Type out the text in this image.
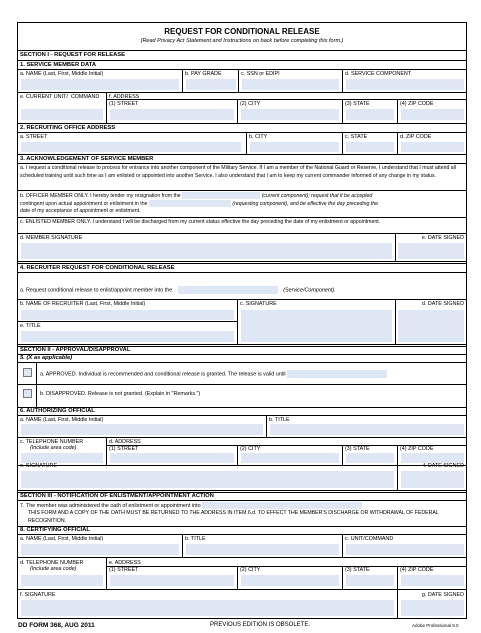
REQUEST FOR CONDITIONAL RELEASE
(Read Privacy Act Statement and Instructions on back before completing this form.)
SECTION I - REQUEST FOR RELEASE
1. SERVICE MEMBER DATA
a. NAME (Last, First, Middle Initial)	b. PAY GRADE	c. SSN or EDIPI	d. SERVICE COMPONENT
e. CURRENT UNIT/  COMMAND	f. ADDRESS
(1) STREET	(2) CITY	(3) STATE	(4) ZIP CODE
2. RECRUITING OFFICE ADDRESS
a. STREET	b. CITY	c. STATE	d. ZIP CODE
3. ACKNOWLEDGEMENT OF SERVICE MEMBER
a. I request a conditional release to process for entrance into another component of the Military Service. If I am a member of the National Guard or Reserve, I understand that I must attend all scheduled training until such time as I am enlisted or appointed into another Service. I also understand that I am to keep my current commander informed of any change in my status.
b. OFFICER MEMBER ONLY. I hereby tender my resignation from the	(current component); request that it be accepted
contingent upon actual appointment or enlistment in the	(requesting component), and be effective the day preceding the
date of my acceptance of appointment or enlistment.
c. ENLISTED MEMBER ONLY. I understand I will be discharged from my current status effective the day preceding the date of my enlistment or appointment.
d. MEMBER SIGNATURE	e. DATE SIGNED
4. RECRUITER REQUEST FOR CONDITIONAL RELEASE
a. Request conditional release to enlist/appoint member into the	(Service/Component).
b. NAME OF RECRUITER (Last, First, Middle Initial)	c. SIGNATURE	d. DATE SIGNED
e. TITLE
SECTION II - APPROVAL/DISAPPROVAL
5. (X as applicable)
a. APPROVED. Individual is recommended and conditional release is granted. The release is valid until
b. DISAPPROVED. Release is not granted. (Explain in "Remarks.")
6. AUTHORIZING OFFICIAL
a. NAME (Last, First, Middle Initial)	b. TITLE
c. TELEPHONE NUMBER
(Include area code)
d. ADDRESS
(1) STREET	(2) CITY	(3) STATE	(4) ZIP CODE
e. SIGNATURE	f. DATE SIGNED
SECTION III - NOTIFICATION OF ENLISTMENT/APPOINTMENT ACTION
7. The member was administered the oath of enlistment or appointment into
THIS FORM AND A COPY OF THE OATH MUST BE RETURNED TO THE ADDRESS IN ITEM 6.d. TO EFFECT THE MEMBER'S DISCHARGE OR WITHDRAWAL OF FEDERAL RECOGNITION.
8. CERTIFYING OFFICIAL
a. NAME (Last, First, Middle Initial)	b. TITLE	c. UNIT/COMMAND
d. TELEPHONE NUMBER
(Include area code)
e. ADDRESS
(1) STREET	(2) CITY	(3) STATE	(4) ZIP CODE
f. SIGNATURE	g. DATE SIGNED
DD FORM 368, AUG 2011	PREVIOUS EDITION IS OBSOLETE.	Adobe Professional 8.0
